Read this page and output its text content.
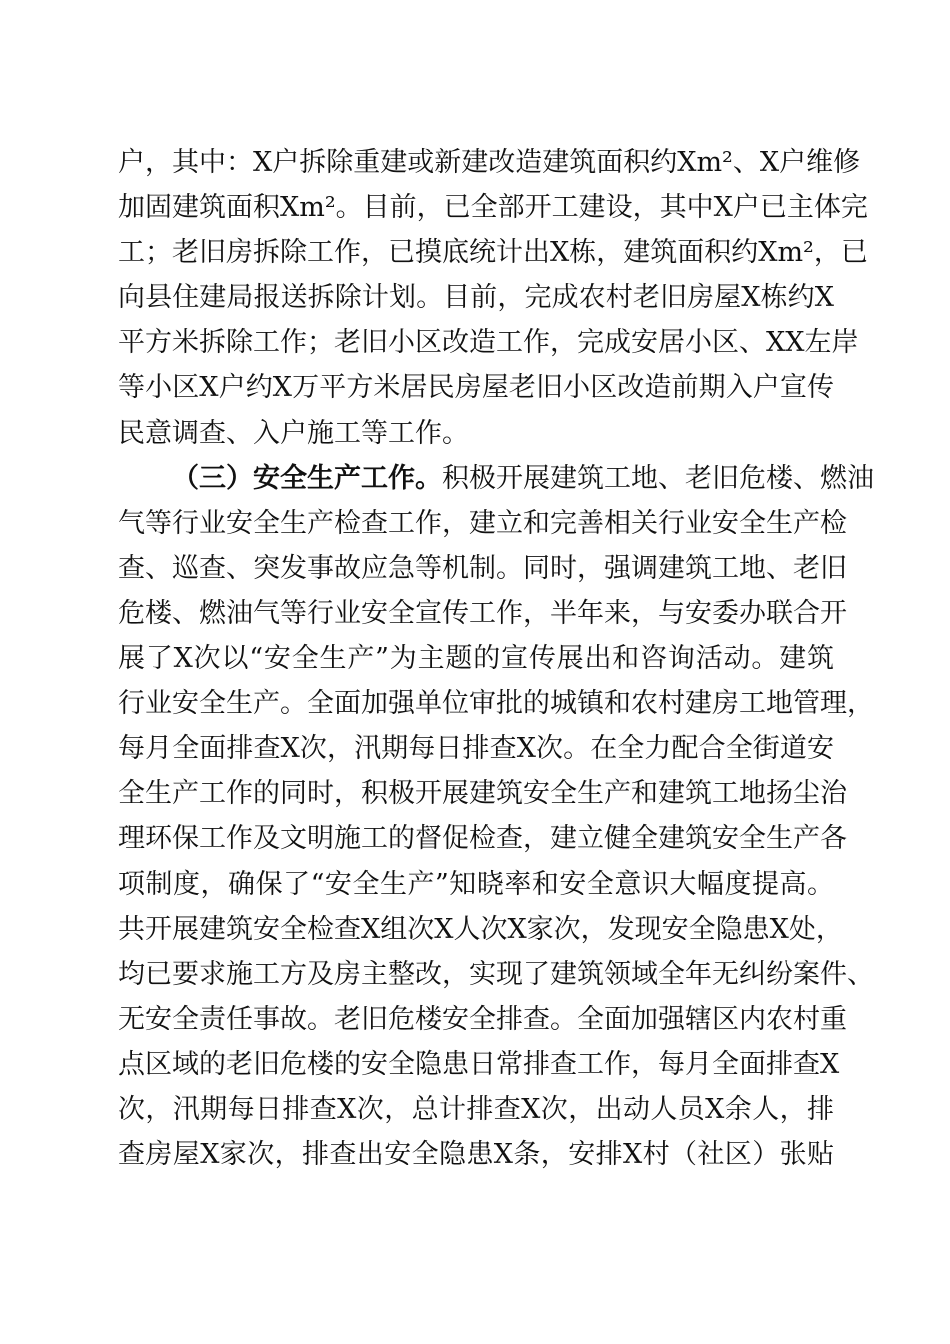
户，其中：X户拆除重建或新建改造建筑面积约Xm²、X户维修
加固建筑面积Xm²。目前，已全部开工建设，其中X户已主体完
工；老旧房拆除工作，已摸底统计出X栋，建筑面积约Xm²，已
向县住建局报送拆除计划。目前，完成农村老旧房屋X栋约X
平方米拆除工作；老旧小区改造工作，完成安居小区、XX左岸
等小区X户约X万平方米居民房屋老旧小区改造前期入户宣传
民意调查、入户施工等工作。
（三）安全生产工作。积极开展建筑工地、老旧危楼、燃油
气等行业安全生产检查工作，建立和完善相关行业安全生产检
查、巡查、突发事故应急等机制。同时，强调建筑工地、老旧
危楼、燃油气等行业安全宣传工作，半年来，与安委办联合开
展了X次以“安全生产”为主题的宣传展出和咨询活动。建筑
行业安全生产。全面加强单位审批的城镇和农村建房工地管理，
每月全面排查X次，汛期每日排查X次。在全力配合全街道安
全生产工作的同时，积极开展建筑安全生产和建筑工地扬尘治
理环保工作及文明施工的督促检查，建立健全建筑安全生产各
项制度，确保了“安全生产”知晓率和安全意识大幅度提高。
共开展建筑安全检查X组次X人次X家次，发现安全隐患X处，
均已要求施工方及房主整改，实现了建筑领域全年无纠纷案件、
无安全责任事故。老旧危楼安全排查。全面加强辖区内农村重
点区域的老旧危楼的安全隐患日常排查工作，每月全面排查X
次，汛期每日排查X次，总计排查X次，出动人员X余人，排
查房屋X家次，排查出安全隐患X条，安排X村（社区）张贴
